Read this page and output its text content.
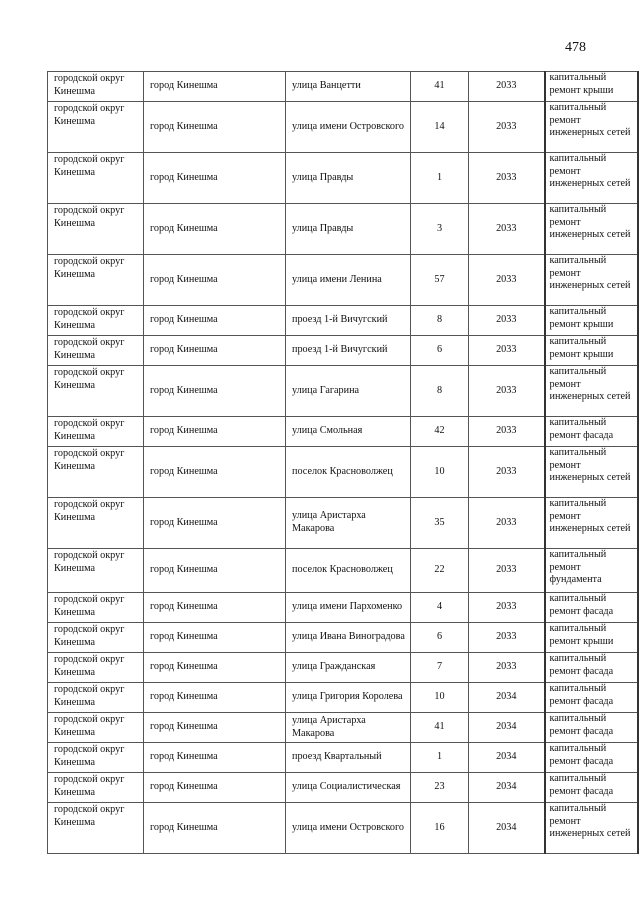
478
городской округ Кинешма	город Кинешма	улица Ванцетти	41	2033	капитальный ремонт крыши
городской округ Кинешма	город Кинешма	улица имени Островского	14	2033	капитальный ремонт инженерных сетей
городской округ Кинешма	город Кинешма	улица Правды	1	2033	капитальный ремонт инженерных сетей
городской округ Кинешма	город Кинешма	улица Правды	3	2033	капитальный ремонт инженерных сетей
городской округ Кинешма	город Кинешма	улица имени Ленина	57	2033	капитальный ремонт инженерных сетей
городской округ Кинешма	город Кинешма	проезд 1-й Вичугский	8	2033	капитальный ремонт крыши
городской округ Кинешма	город Кинешма	проезд 1-й Вичугский	6	2033	капитальный ремонт крыши
городской округ Кинешма	город Кинешма	улица Гагарина	8	2033	капитальный ремонт инженерных сетей
городской округ Кинешма	город Кинешма	улица Смольная	42	2033	капитальный ремонт фасада
городской округ Кинешма	город Кинешма	поселок Красноволжец	10	2033	капитальный ремонт инженерных сетей
городской округ Кинешма	город Кинешма	улица Аристарха Макарова	35	2033	капитальный ремонт инженерных сетей
городской округ Кинешма	город Кинешма	поселок Красноволжец	22	2033	капитальный ремонт фундамента
городской округ Кинешма	город Кинешма	улица имени Пархоменко	4	2033	капитальный ремонт фасада
городской округ Кинешма	город Кинешма	улица Ивана Виноградова	6	2033	капитальный ремонт крыши
городской округ Кинешма	город Кинешма	улица Гражданская	7	2033	капитальный ремонт фасада
городской округ Кинешма	город Кинешма	улица Григория Королева	10	2034	капитальный ремонт фасада
городской округ Кинешма	город Кинешма	улица Аристарха Макарова	41	2034	капитальный ремонт фасада
городской округ Кинешма	город Кинешма	проезд Квартальный	1	2034	капитальный ремонт фасада
городской округ Кинешма	город Кинешма	улица Социалистическая	23	2034	капитальный ремонт фасада
городской округ Кинешма	город Кинешма	улица имени Островского	16	2034	капитальный ремонт инженерных сетей
